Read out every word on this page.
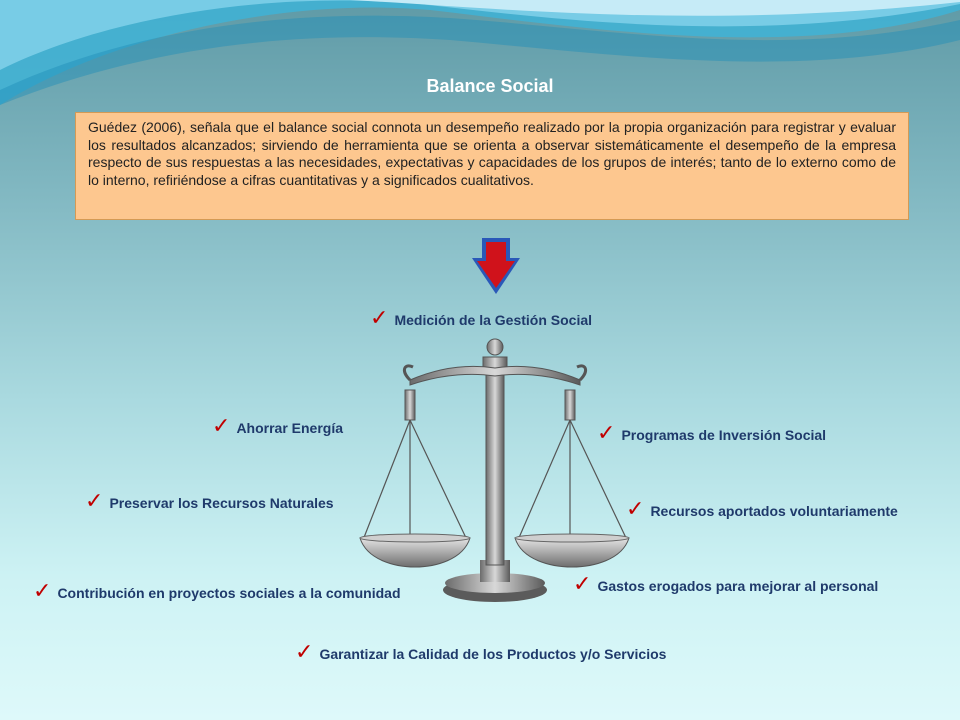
Balance Social
Guédez (2006), señala que el balance social connota un desempeño realizado por la propia organización para registrar y evaluar los resultados alcanzados; sirviendo de herramienta que se orienta a observar sistemáticamente el desempeño de la empresa respecto de sus respuestas a las necesidades, expectativas y capacidades de los grupos de interés; tanto de lo externo como de lo interno, refiriéndose a cifras cuantitativas y a significados cualitativos.
✓ Medición de la Gestión Social
✓ Ahorrar Energía	✓ Programas de Inversión Social
✓ Preservar los Recursos Naturales	✓ Recursos aportados voluntariamente
✓ Contribución en proyectos sociales a la comunidad	✓ Gastos erogados para mejorar al personal
✓ Garantizar la Calidad de los Productos y/o Servicios
